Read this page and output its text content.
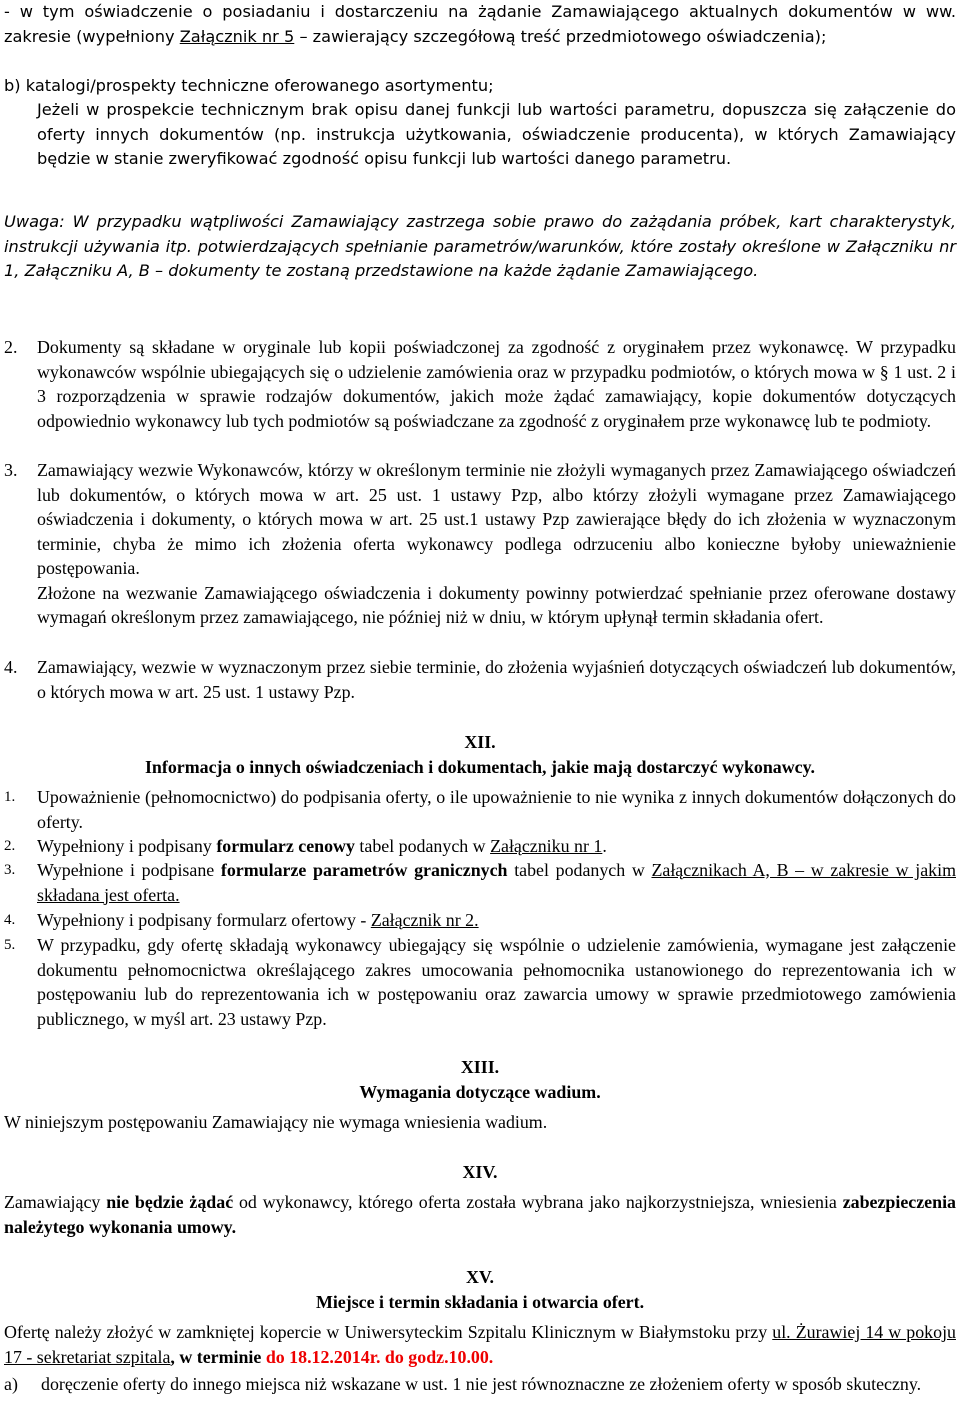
- w tym oświadczenie o posiadaniu i dostarczeniu na żądanie Zamawiającego aktualnych dokumentów w ww. zakresie (wypełniony Załącznik nr 5 – zawierający szczegółową treść przedmiotowego oświadczenia);
b) katalogi/prospekty techniczne oferowanego asortymentu;
Jeżeli w prospekcie technicznym brak opisu danej funkcji lub wartości parametru, dopuszcza się załączenie do oferty innych dokumentów (np. instrukcja użytkowania, oświadczenie producenta), w których Zamawiający będzie w stanie zweryfikować zgodność opisu funkcji lub wartości danego parametru.
Uwaga: W przypadku wątpliwości Zamawiający zastrzega sobie prawo do zażądania próbek, kart charakterystyk, instrukcji używania itp. potwierdzających spełnianie parametrów/warunków, które zostały określone w Załączniku nr 1, Załączniku A, B – dokumenty te zostaną przedstawione na każde żądanie Zamawiającego.
2. Dokumenty są składane w oryginale lub kopii poświadczonej za zgodność z oryginałem przez wykonawcę. W przypadku wykonawców wspólnie ubiegających się o udzielenie zamówienia oraz w przypadku podmiotów, o których mowa w § 1 ust. 2 i 3 rozporządzenia w sprawie rodzajów dokumentów, jakich może żądać zamawiający, kopie dokumentów dotyczących odpowiednio wykonawcy lub tych podmiotów są poświadczane za zgodność z oryginałem prze wykonawcę lub te podmioty.
3. Zamawiający wezwie Wykonawców, którzy w określonym terminie nie złożyli wymaganych przez Zamawiającego oświadczeń lub dokumentów, o których mowa w art. 25 ust. 1 ustawy Pzp, albo którzy złożyli wymagane przez Zamawiającego oświadczenia i dokumenty, o których mowa w art. 25 ust.1 ustawy Pzp zawierające błędy do ich złożenia w wyznaczonym terminie, chyba że mimo ich złożenia oferta wykonawcy podlega odrzuceniu albo konieczne byłoby unieważnienie postępowania.
Złożone na wezwanie Zamawiającego oświadczenia i dokumenty powinny potwierdzać spełnianie przez oferowane dostawy wymagań określonym przez zamawiającego, nie później niż w dniu, w którym upłynął termin składania ofert.
4. Zamawiający, wezwie w wyznaczonym przez siebie terminie, do złożenia wyjaśnień dotyczących oświadczeń lub dokumentów, o których mowa w art. 25 ust. 1 ustawy Pzp.
XII.
Informacja o innych oświadczeniach i dokumentach, jakie mają dostarczyć wykonawcy.
1. Upoważnienie (pełnomocnictwo) do podpisania oferty, o ile upoważnienie to nie wynika z innych dokumentów dołączonych do oferty.
2. Wypełniony i podpisany formularz cenowy tabel podanych w Załączniku nr 1.
3. Wypełnione i podpisane formularze parametrów granicznych tabel podanych w Załącznikach A, B – w zakresie w jakim składana jest oferta.
4. Wypełniony i podpisany formularz ofertowy - Załącznik nr 2.
5. W przypadku, gdy ofertę składają wykonawcy ubiegający się wspólnie o udzielenie zamówienia, wymagane jest załączenie dokumentu pełnomocnictwa określającego zakres umocowania pełnomocnika ustanowionego do reprezentowania ich w postępowaniu lub do reprezentowania ich w postępowaniu oraz zawarcia umowy w sprawie przedmiotowego zamówienia publicznego, w myśl art. 23 ustawy Pzp.
XIII.
Wymagania dotyczące wadium.
W niniejszym postępowaniu Zamawiający nie wymaga wniesienia wadium.
XIV.
Zamawiający nie będzie żądać od wykonawcy, którego oferta została wybrana jako najkorzystniejsza, wniesienia zabezpieczenia należytego wykonania umowy.
XV.
Miejsce i termin składania i otwarcia ofert.
Ofertę należy złożyć w zamkniętej kopercie w Uniwersyteckim Szpitalu Klinicznym w Białymstoku przy ul. Żurawiej 14 w pokoju 17 - sekretariat szpitala, w terminie do 18.12.2014r. do godz.10.00.
a) doręczenie oferty do innego miejsca niż wskazane w ust. 1 nie jest równoznaczne ze złożeniem oferty w sposób skuteczny.
